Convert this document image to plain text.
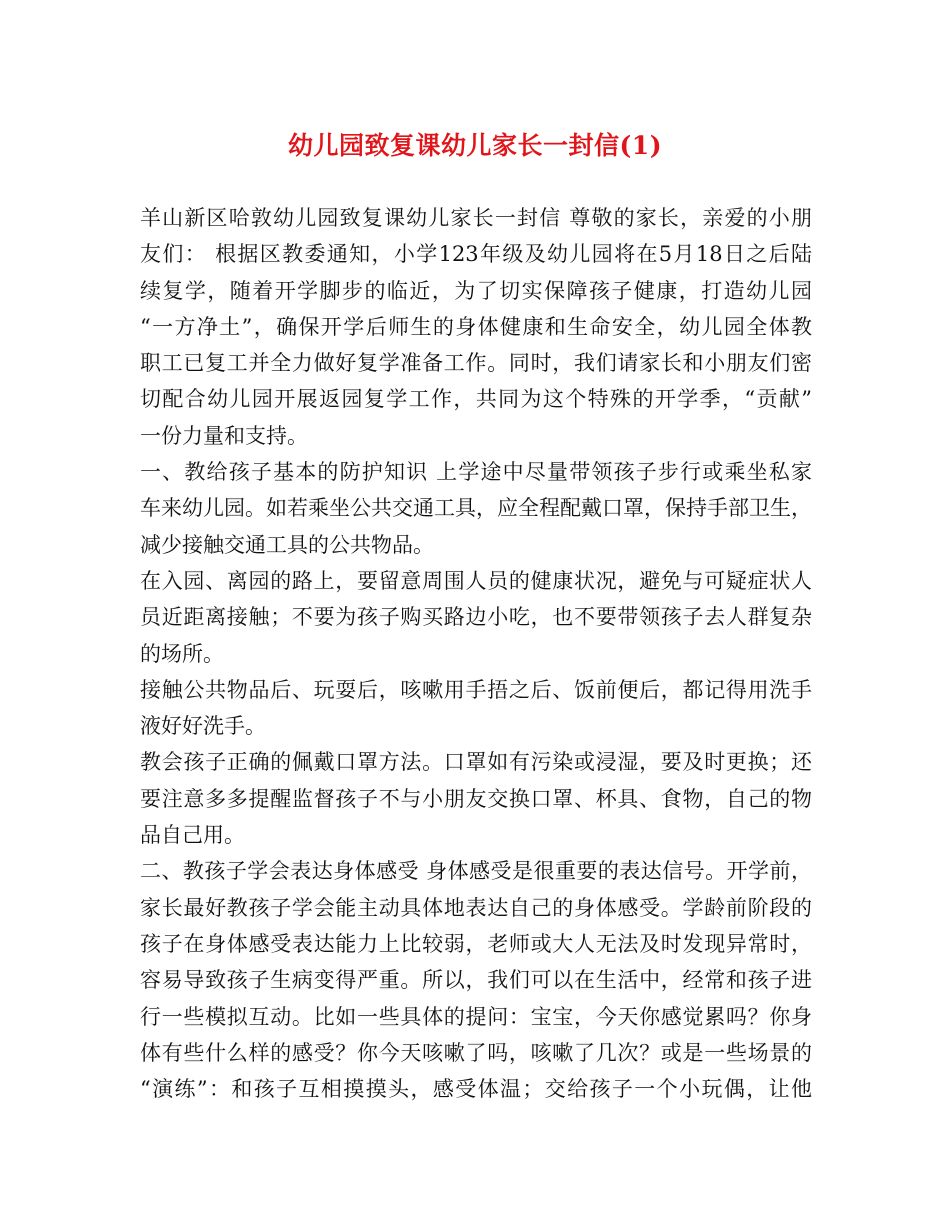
幼儿园致复课幼儿家长一封信(1)
羊山新区哈敦幼儿园致复课幼儿家长一封信 尊敬的家长，亲爱的小朋
友们： 根据区教委通知，小学123年级及幼儿园将在5月18日之后陆
续复学，随着开学脚步的临近，为了切实保障孩子健康，打造幼儿园
“一方净土”，确保开学后师生的身体健康和生命安全，幼儿园全体教
职工已复工并全力做好复学准备工作。同时，我们请家长和小朋友们密
切配合幼儿园开展返园复学工作，共同为这个特殊的开学季，“贡献”
一份力量和支持。
一、教给孩子基本的防护知识 上学途中尽量带领孩子步行或乘坐私家
车来幼儿园。如若乘坐公共交通工具，应全程配戴口罩，保持手部卫生，
减少接触交通工具的公共物品。
在入园、离园的路上，要留意周围人员的健康状况，避免与可疑症状人
员近距离接触；不要为孩子购买路边小吃，也不要带领孩子去人群复杂
的场所。
接触公共物品后、玩耍后，咳嗽用手捂之后、饭前便后，都记得用洗手
液好好洗手。
教会孩子正确的佩戴口罩方法。口罩如有污染或浸湿，要及时更换；还
要注意多多提醒监督孩子不与小朋友交换口罩、杯具、食物，自己的物
品自己用。
二、教孩子学会表达身体感受 身体感受是很重要的表达信号。开学前，
家长最好教孩子学会能主动具体地表达自己的身体感受。学龄前阶段的
孩子在身体感受表达能力上比较弱，老师或大人无法及时发现异常时，
容易导致孩子生病变得严重。所以，我们可以在生活中，经常和孩子进
行一些模拟互动。比如一些具体的提问：宝宝，今天你感觉累吗？你身
体有些什么样的感受？你今天咳嗽了吗，咳嗽了几次？或是一些场景的
“演练”：和孩子互相摸摸头，感受体温；交给孩子一个小玩偶，让他
